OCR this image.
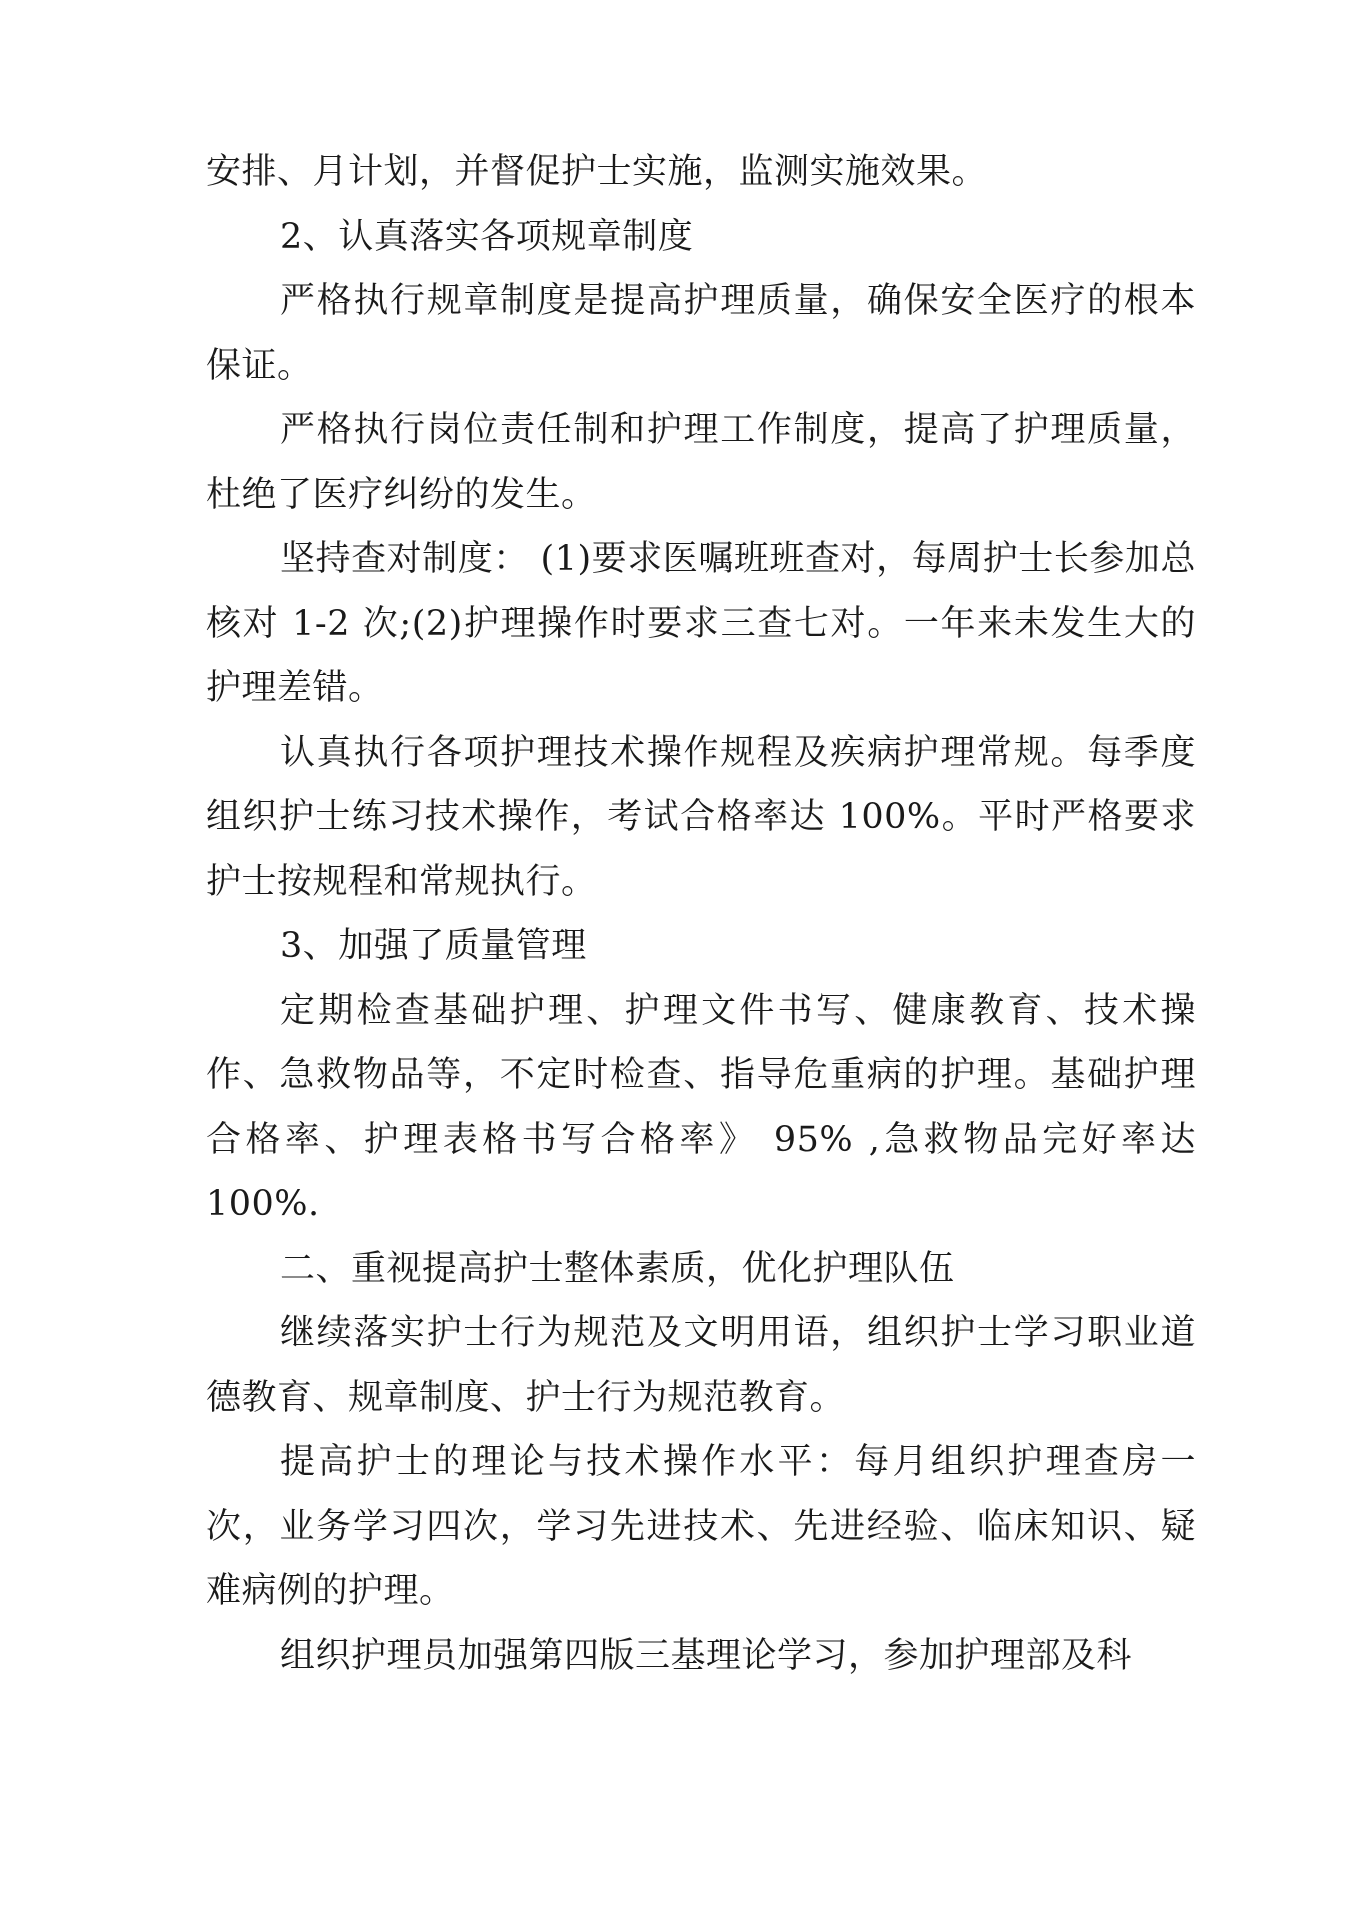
安排、月计划，并督促护士实施，监测实施效果。

2、认真落实各项规章制度

严格执行规章制度是提高护理质量，确保安全医疗的根本保证。

严格执行岗位责任制和护理工作制度，提高了护理质量，杜绝了医疗纠纷的发生。

坚持查对制度： (1)要求医嘱班班查对，每周护士长参加总核对 1-2 次;(2)护理操作时要求三查七对。一年来未发生大的护理差错。

认真执行各项护理技术操作规程及疾病护理常规。每季度组织护士练习技术操作，考试合格率达 100%。平时严格要求护士按规程和常规执行。

3、加强了质量管理

定期检查基础护理、护理文件书写、健康教育、技术操作、急救物品等，不定时检查、指导危重病的护理。基础护理合格率、护理表格书写合格率》 95% ,急救物品完好率达 100%.

二、重视提高护士整体素质，优化护理队伍

继续落实护士行为规范及文明用语，组织护士学习职业道德教育、规章制度、护士行为规范教育。

提高护士的理论与技术操作水平：每月组织护理查房一次，业务学习四次，学习先进技术、先进经验、临床知识、疑难病例的护理。

组织护理员加强第四版三基理论学习，参加护理部及科
